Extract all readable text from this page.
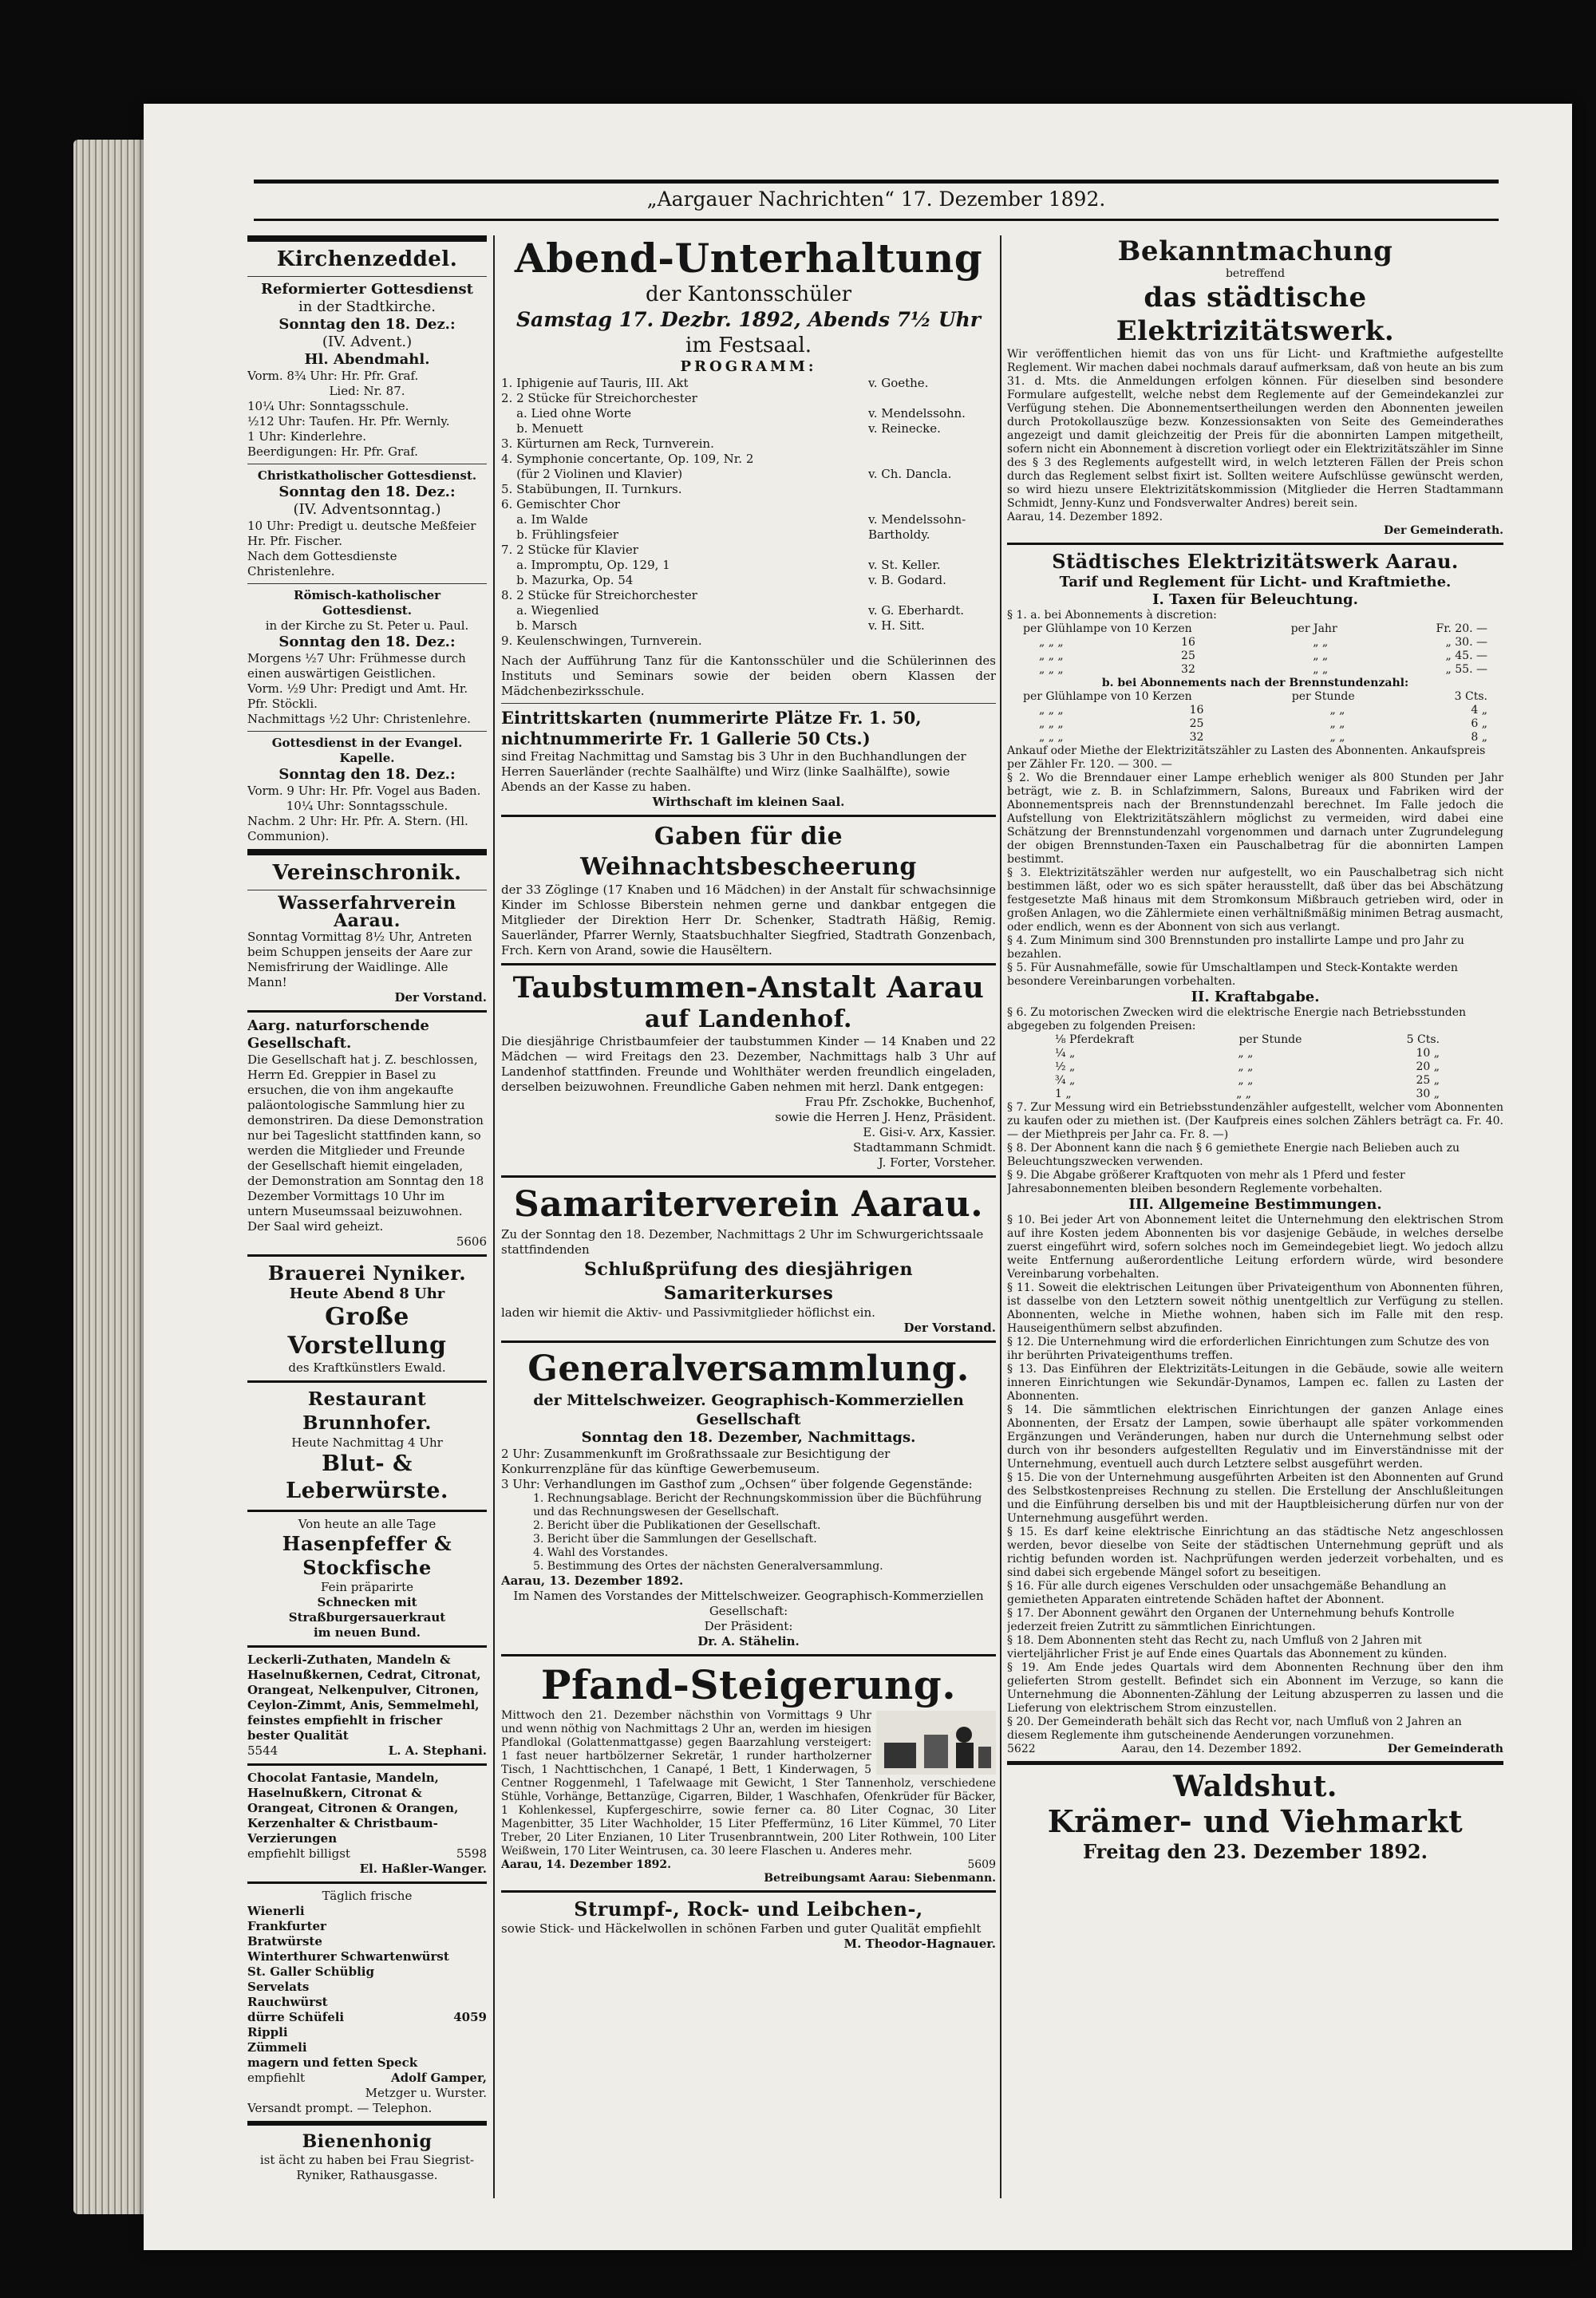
„Aargauer Nachrichten“ 17. Dezember 1892.

Kirchenzeddel.

Reformierter Gottesdienst

in der Stadtkirche.

Sonntag den 18. Dez.:

(IV. Advent.)

Hl. Abendmahl.

Vorm. 8¾ Uhr: Hr. Pfr. Graf.

Lied: Nr. 87.

10¼ Uhr: Sonntagsschule.

½12 Uhr: Taufen. Hr. Pfr. Wernly.

1 Uhr: Kinderlehre.

Beerdigungen: Hr. Pfr. Graf.

Christkatholischer Gottesdienst.

Sonntag den 18. Dez.:

(IV. Adventsonntag.)

10 Uhr: Predigt u. deutsche Meßfeier Hr. Pfr. Fischer.

Nach dem Gottesdienste Christenlehre.

Römisch-katholischer Gottesdienst.

in der Kirche zu St. Peter u. Paul.

Sonntag den 18. Dez.:

Morgens ½7 Uhr: Frühmesse durch einen auswärtigen Geistlichen.

Vorm. ½9 Uhr: Predigt und Amt. Hr. Pfr. Stöckli.

Nachmittags ½2 Uhr: Christenlehre.

Gottesdienst in der Evangel. Kapelle.

Sonntag den 18. Dez.:

Vorm. 9 Uhr: Hr. Pfr. Vogel aus Baden.

10¼ Uhr: Sonntagsschule.

Nachm. 2 Uhr: Hr. Pfr. A. Stern. (Hl. Communion).

Vereinschronik.

Wasserfahrverein Aarau.

Sonntag Vormittag 8½ Uhr, Antreten beim Schuppen jenseits der Aare zur Nemisfrirung der Waidlinge. Alle Mann!

Der Vorstand.

Aarg. naturforschende Gesellschaft.

Die Gesellschaft hat j. Z. beschlossen, Herrn Ed. Greppier in Basel zu ersuchen, die von ihm angekaufte paläontologische Sammlung hier zu demonstriren. Da diese Demonstration nur bei Tageslicht stattfinden kann, so werden die Mitglieder und Freunde der Gesellschaft hiemit eingeladen, der Demonstration am Sonntag den 18 Dezember Vormittags 10 Uhr im untern Museumssaal beizuwohnen. Der Saal wird geheizt.

5606

Brauerei Nyniker.

Heute Abend 8 Uhr

Große Vorstellung

des Kraftkünstlers Ewald.

Restaurant Brunnhofer.

Heute Nachmittag 4 Uhr

Blut- & Leberwürste.

Von heute an alle Tage

Hasenpfeffer & Stockfische

Fein präparirte

Schnecken mit Straßburgersauerkraut

im neuen Bund.

Leckerli-Zuthaten, Mandeln & Haselnußkernen, Cedrat, Citronat, Orangeat, Nelkenpulver, Citronen, Ceylon-Zimmt, Anis, Semmelmehl, feinstes empfiehlt in frischer bester Qualität

5544	L. A. Stephani.

Chocolat Fantasie, Mandeln, Haselnußkern, Citronat & Orangeat, Citronen & Orangen, Kerzenhalter & Christbaum-Verzierungen

empfiehlt billigst	5598

El. Haßler-Wanger.

Täglich frische

Wienerli

Frankfurter

Bratwürste

Winterthurer Schwartenwürst

St. Galler Schüblig

Servelats

Rauchwürst

dürre Schüfeli	4059

Rippli

Zümmeli

magern und fetten Speck

empfiehlt	Adolf Gamper,

Metzger u. Wurster.

Versandt prompt. — Telephon.

Bienenhonig

ist ächt zu haben bei Frau Siegrist-Ryniker, Rathausgasse.

Abend-Unterhaltung

der Kantonsschüler

Samstag 17. Dezbr. 1892, Abends 7½ Uhr

im Festsaal.

PROGRAMM:

1. Iphigenie auf Tauris, III. Akt	v. Goethe.
2. 2 Stücke für Streichorchester
a. Lied ohne Worte	v. Mendelssohn.
b. Menuett	v. Reinecke.
3. Kürturnen am Reck, Turnverein.
4. Symphonie concertante, Op. 109, Nr. 2
(für 2 Violinen und Klavier)	v. Ch. Dancla.
5. Stabübungen, II. Turnkurs.
6. Gemischter Chor
a. Im Walde	v. Mendelssohn-
b. Frühlingsfeier	Bartholdy.
7. 2 Stücke für Klavier
a. Impromptu, Op. 129, 1	v. St. Keller.
b. Mazurka, Op. 54	v. B. Godard.
8. 2 Stücke für Streichorchester
a. Wiegenlied	v. G. Eberhardt.
b. Marsch	v. H. Sitt.
9. Keulenschwingen, Turnverein.

Nach der Aufführung Tanz für die Kantonsschüler und die Schülerinnen des Instituts und Seminars sowie der beiden obern Klassen der Mädchenbezirksschule.

Eintrittskarten (nummerirte Plätze Fr. 1. 50, nichtnummerirte Fr. 1 Gallerie 50 Cts.)

sind Freitag Nachmittag und Samstag bis 3 Uhr in den Buchhandlungen der Herren Sauerländer (rechte Saalhälfte) und Wirz (linke Saalhälfte), sowie Abends an der Kasse zu haben.

Wirthschaft im kleinen Saal.

Gaben für die Weihnachtsbescheerung

der 33 Zöglinge (17 Knaben und 16 Mädchen) in der Anstalt für schwachsinnige Kinder im Schlosse Biberstein nehmen gerne und dankbar entgegen die Mitglieder der Direktion Herr Dr. Schenker, Stadtrath Häßig, Remig. Sauerländer, Pfarrer Wernly, Staatsbuchhalter Siegfried, Stadtrath Gonzenbach, Frch. Kern von Arand, sowie die Hausëltern.

Taubstummen-Anstalt Aarau

auf Landenhof.

Die diesjährige Christbaumfeier der taubstummen Kinder — 14 Knaben und 22 Mädchen — wird Freitags den 23. Dezember, Nachmittags halb 3 Uhr auf Landenhof stattfinden. Freunde und Wohlthäter werden freundlich eingeladen, derselben beizuwohnen. Freundliche Gaben nehmen mit herzl. Dank entgegen:

Frau Pfr. Zschokke, Buchenhof,

sowie die Herren J. Henz, Präsident.

E. Gisi-v. Arx, Kassier.

Stadtammann Schmidt.

J. Forter, Vorsteher.

Samariterverein Aarau.

Zu der Sonntag den 18. Dezember, Nachmittags 2 Uhr im Schwurgerichtssaale stattfindenden

Schlußprüfung des diesjährigen Samariterkurses

laden wir hiemit die Aktiv- und Passivmitglieder höflichst ein.

Der Vorstand.

Generalversammlung.

der Mittelschweizer. Geographisch-Kommerziellen Gesellschaft

Sonntag den 18. Dezember, Nachmittags.

2 Uhr: Zusammenkunft im Großrathssaale zur Besichtigung der Konkurrenzpläne für das künftige Gewerbemuseum.

3 Uhr: Verhandlungen im Gasthof zum „Ochsen“ über folgende Gegenstände:

1. Rechnungsablage. Bericht der Rechnungskommission über die Büchführung und das Rechnungswesen der Gesellschaft.

2. Bericht über die Publikationen der Gesellschaft.

3. Bericht über die Sammlungen der Gesellschaft.

4. Wahl des Vorstandes.

5. Bestimmung des Ortes der nächsten Generalversammlung.

Aarau, 13. Dezember 1892.

Im Namen des Vorstandes der Mittelschweizer. Geographisch-Kommerziellen Gesellschaft:

Der Präsident:

Dr. A. Stähelin.

Pfand-Steigerung.

Mittwoch den 21. Dezember nächsthin von Vormittags 9 Uhr und wenn nöthig von Nachmittags 2 Uhr an, werden im hiesigen Pfandlokal (Golattenmattgasse) gegen Baarzahlung versteigert: 1 fast neuer hartbölzerner Sekretär, 1 runder hartholzerner Tisch, 1 Nachttischchen, 1 Canapé, 1 Bett, 1 Kinderwagen, 5 Centner Roggenmehl, 1 Tafelwaage mit Gewicht, 1 Ster Tannenholz, verschiedene Stühle, Vorhänge, Bettanzüge, Cigarren, Bilder, 1 Waschhafen, Ofenkrüder für Bäcker, 1 Kohlenkessel, Kupfergeschirre, sowie ferner ca. 80 Liter Cognac, 30 Liter Magenbitter, 35 Liter Wachholder, 15 Liter Pfeffermünz, 16 Liter Kümmel, 70 Liter Treber, 20 Liter Enzianen, 10 Liter Trusenbranntwein, 200 Liter Rothwein, 100 Liter Weißwein, 170 Liter Weintrusen, ca. 30 leere Flaschen u. Anderes mehr.

Aarau, 14. Dezember 1892.	5609

Betreibungsamt Aarau: Siebenmann.

Strumpf-, Rock- und Leibchen-,

sowie Stick- und Häckelwollen in schönen Farben und guter Qualität empfiehlt

M. Theodor-Hagnauer.

Bekanntmachung

betreffend

das städtische Elektrizitätswerk.

Wir veröffentlichen hiemit das von uns für Licht- und Kraftmiethe aufgestellte Reglement. Wir machen dabei nochmals darauf aufmerksam, daß von heute an bis zum 31. d. Mts. die Anmeldungen erfolgen können. Für dieselben sind besondere Formulare aufgestellt, welche nebst dem Reglemente auf der Gemeindekanzlei zur Verfügung stehen. Die Abonnementsertheilungen werden den Abonnenten jeweilen durch Protokollauszüge bezw. Konzessionsakten von Seite des Gemeinderathes angezeigt und damit gleichzeitig der Preis für die abonnirten Lampen mitgetheilt, sofern nicht ein Abonnement à discretion vorliegt oder ein Elektrizitätszähler im Sinne des § 3 des Reglements aufgestellt wird, in welch letzteren Fällen der Preis schon durch das Reglement selbst fixirt ist. Sollten weitere Aufschlüsse gewünscht werden, so wird hiezu unsere Elektrizitätskommission (Mitglieder die Herren Stadtammann Schmidt, Jenny-Kunz und Fondsverwalter Andres) bereit sein.

Aarau, 14. Dezember 1892.

Der Gemeinderath.

Städtisches Elektrizitätswerk Aarau.

Tarif und Reglement für Licht- und Kraftmiethe.

I. Taxen für Beleuchtung.

§ 1. a. bei Abonnements à discretion:

per Glühlampe von 10 Kerzen	per Jahr	Fr. 20. —
„ „ „	16	„ „	„ 30. —
„ „ „	25	„ „	„ 45. —
„ „ „	32	„ „	„ 55. —

b. bei Abonnements nach der Brennstundenzahl:

per Glühlampe von 10 Kerzen	per Stunde	3 Cts.
„ „ „	16	„ „	4 „
„ „ „	25	„ „	6 „
„ „ „	32	„ „	8 „

Ankauf oder Miethe der Elektrizitätszähler zu Lasten des Abonnenten. Ankaufspreis per Zähler Fr. 120. — 300. —

§ 2. Wo die Brenndauer einer Lampe erheblich weniger als 800 Stunden per Jahr beträgt, wie z. B. in Schlafzimmern, Salons, Bureaux und Fabriken wird der Abonnementspreis nach der Brennstundenzahl berechnet. Im Falle jedoch die Aufstellung von Elektrizitätszählern möglichst zu vermeiden, wird dabei eine Schätzung der Brennstundenzahl vorgenommen und darnach unter Zugrundelegung der obigen Brennstunden-Taxen ein Pauschalbetrag für die abonnirten Lampen bestimmt.

§ 3. Elektrizitätszähler werden nur aufgestellt, wo ein Pauschalbetrag sich nicht bestimmen läßt, oder wo es sich später herausstellt, daß über das bei Abschätzung festgesetzte Maß hinaus mit dem Stromkonsum Mißbrauch getrieben wird, oder in großen Anlagen, wo die Zählermiete einen verhältnißmäßig minimen Betrag ausmacht, oder endlich, wenn es der Abonnent von sich aus verlangt.

§ 4. Zum Minimum sind 300 Brennstunden pro installirte Lampe und pro Jahr zu bezahlen.

§ 5. Für Ausnahmefälle, sowie für Umschaltlampen und Steck-Kontakte werden besondere Vereinbarungen vorbehalten.

II. Kraftabgabe.

§ 6. Zu motorischen Zwecken wird die elektrische Energie nach Betriebsstunden abgegeben zu folgenden Preisen:

⅛ Pferdekraft	per Stunde	5 Cts.
¼ „	„ „	10 „
½ „	„ „	20 „
¾ „	„ „	25 „
1 „	„ „	30 „

§ 7. Zur Messung wird ein Betriebsstundenzähler aufgestellt, welcher vom Abonnenten zu kaufen oder zu miethen ist. (Der Kaufpreis eines solchen Zählers beträgt ca. Fr. 40. — der Miethpreis per Jahr ca. Fr. 8. —)

§ 8. Der Abonnent kann die nach § 6 gemiethete Energie nach Belieben auch zu Beleuchtungszwecken verwenden.

§ 9. Die Abgabe größerer Kraftquoten von mehr als 1 Pferd und fester Jahresabonnementen bleiben besondern Reglemente vorbehalten.

III. Allgemeine Bestimmungen.

§ 10. Bei jeder Art von Abonnement leitet die Unternehmung den elektrischen Strom auf ihre Kosten jedem Abonnenten bis vor dasjenige Gebäude, in welches derselbe zuerst eingeführt wird, sofern solches noch im Gemeindegebiet liegt. Wo jedoch allzu weite Entfernung außerordentliche Leitung erfordern würde, wird besondere Vereinbarung vorbehalten.

§ 11. Soweit die elektrischen Leitungen über Privateigenthum von Abonnenten führen, ist dasselbe von den Letztern soweit nöthig unentgeltlich zur Verfügung zu stellen. Abonnenten, welche in Miethe wohnen, haben sich im Falle mit den resp. Hauseigenthümern selbst abzufinden.

§ 12. Die Unternehmung wird die erforderlichen Einrichtungen zum Schutze des von ihr berührten Privateigenthums treffen.

§ 13. Das Einführen der Elektrizitäts-Leitungen in die Gebäude, sowie alle weitern inneren Einrichtungen wie Sekundär-Dynamos, Lampen ec. fallen zu Lasten der Abonnenten.

§ 14. Die sämmtlichen elektrischen Einrichtungen der ganzen Anlage eines Abonnenten, der Ersatz der Lampen, sowie überhaupt alle später vorkommenden Ergänzungen und Veränderungen, haben nur durch die Unternehmung selbst oder durch von ihr besonders aufgestellten Regulativ und im Einverständnisse mit der Unternehmung, eventuell auch durch Letztere selbst ausgeführt werden.

§ 15. Die von der Unternehmung ausgeführten Arbeiten ist den Abonnenten auf Grund des Selbstkostenpreises Rechnung zu stellen. Die Erstellung der Anschlußleitungen und die Einführung derselben bis und mit der Hauptbleisicherung dürfen nur von der Unternehmung ausgeführt werden.

§ 15. Es darf keine elektrische Einrichtung an das städtische Netz angeschlossen werden, bevor dieselbe von Seite der städtischen Unternehmung geprüft und als richtig befunden worden ist. Nachprüfungen werden jederzeit vorbehalten, und es sind dabei sich ergebende Mängel sofort zu beseitigen.

§ 16. Für alle durch eigenes Verschulden oder unsachgemäße Behandlung an gemietheten Apparaten eintretende Schäden haftet der Abonnent.

§ 17. Der Abonnent gewährt den Organen der Unternehmung behufs Kontrolle jederzeit freien Zutritt zu sämmtlichen Einrichtungen.

§ 18. Dem Abonnenten steht das Recht zu, nach Umfluß von 2 Jahren mit vierteljährlicher Frist je auf Ende eines Quartals das Abonnement zu künden.

§ 19. Am Ende jedes Quartals wird dem Abonnenten Rechnung über den ihm gelieferten Strom gestellt. Befindet sich ein Abonnent im Verzuge, so kann die Unternehmung die Abonnenten-Zählung der Leitung abzusperren zu lassen und die Lieferung von elektrischem Strom einzustellen.

§ 20. Der Gemeinderath behält sich das Recht vor, nach Umfluß von 2 Jahren an diesem Reglemente ihm gutscheinende Aenderungen vorzunehmen.

5622	Aarau, den 14. Dezember 1892.	Der Gemeinderath

Waldshut.

Krämer- und Viehmarkt

Freitag den 23. Dezember 1892.
